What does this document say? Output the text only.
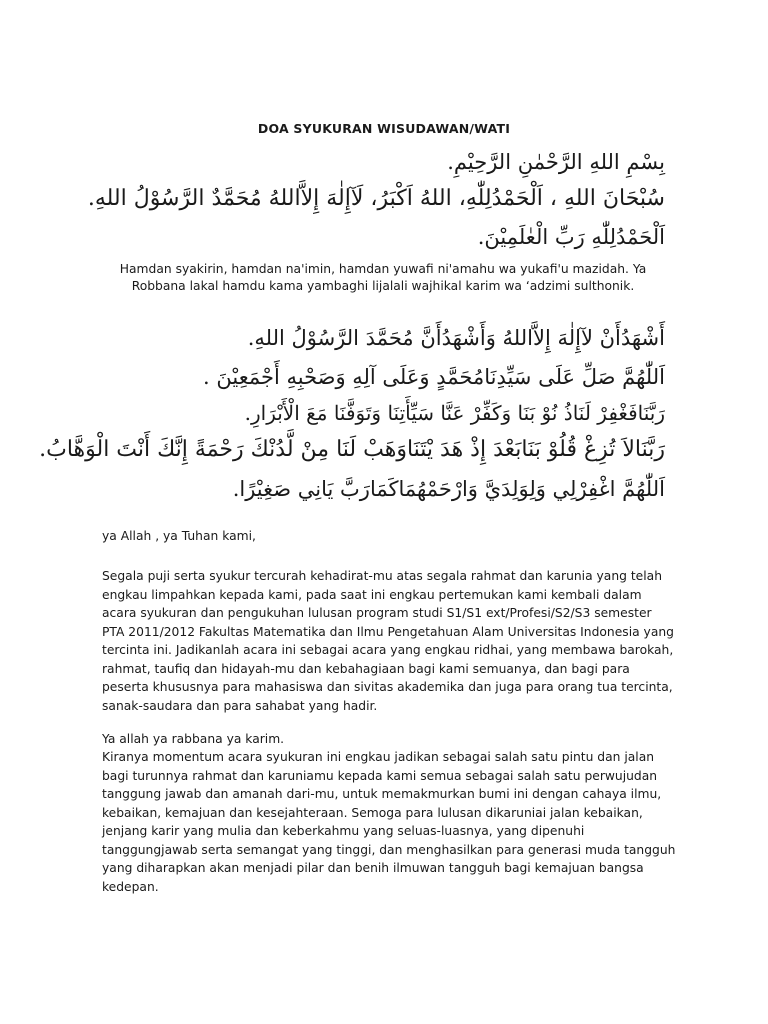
DOA SYUKURAN WISUDAWAN/WATI
بِسْمِ اللهِ الرَّحْمٰنِ الرَّحِيْمِ.
سُبْحَانَ اللهِ ، اَلْحَمْدُلِلّٰهِ، اللهُ اَكْبَرُ، لَآإِلٰهَ إِلاَّاللهُ مُحَمَّدٌ الرَّسُوْلُ اللهِ.
اَلْحَمْدُلِلّٰهِ رَبِّ الْعٰلَمِيْنَ.
Hamdan syakirin, hamdan na'imin, hamdan yuwafi ni'amahu wa yukafi'u mazidah. Ya Robbana lakal hamdu kama yambaghi lijalali wajhikal karim wa ‘adzimi sulthonik.
أَشْهَدُأَنْ لآإِلٰهَ إِلاَّاللهُ وَأَشْهَدُأَنَّ مُحَمَّدَ الرَّسُوْلُ اللهِ.
اَللّٰهُمَّ صَلِّ عَلَى سَيِّدِنَامُحَمَّدٍ وَعَلَى آلِهِ وَصَحْبِهِ أَجْمَعِيْنَ .
رَبَّنَافَغْفِرْ لَنَاذُ نُوْ بَنَا وَكَفِّرْ عَنَّا سَيِّأَتِنَا وَتَوَفَّنَا مَعَ الْأَبْرَارِ.
رَبَّنَالاَ تُزِغْ قُلُوْ بَنَابَعْدَ إِذْ هَدَ يْتَنَاوَهَبْ لَنَا مِنْ لَّدُنْكَ رَحْمَةً إِنَّكَ أَنْتَ الْوَهَّابُ.
اَللّٰهُمَّ اغْفِرْلِي وَلِوَلِدَيَّ وَارْحَمْهُمَاكَمَارَبَّ يَانِي صَغِيْرًا.
ya Allah , ya Tuhan kami,
Segala puji serta syukur tercurah kehadirat-mu atas segala rahmat dan karunia yang telah engkau limpahkan kepada kami, pada saat ini engkau pertemukan kami kembali dalam acara syukuran dan pengukuhan lulusan program studi S1/S1 ext/Profesi/S2/S3 semester PTA 2011/2012 Fakultas Matematika dan Ilmu Pengetahuan Alam Universitas Indonesia yang tercinta ini. Jadikanlah acara ini sebagai acara yang engkau ridhai, yang membawa barokah, rahmat, taufiq dan hidayah-mu dan kebahagiaan bagi kami semuanya, dan bagi para peserta khususnya para mahasiswa dan sivitas akademika dan juga para orang tua tercinta, sanak-saudara dan para sahabat yang hadir.
Ya allah ya rabbana ya karim.
Kiranya momentum acara syukuran ini engkau jadikan sebagai salah satu pintu dan jalan bagi turunnya rahmat dan karuniamu kepada kami semua sebagai salah satu perwujudan tanggung jawab dan amanah dari-mu, untuk memakmurkan bumi ini dengan cahaya ilmu, kebaikan, kemajuan dan kesejahteraan. Semoga para lulusan dikaruniai jalan kebaikan, jenjang karir yang mulia dan keberkahmu yang seluas-luasnya, yang dipenuhi tanggungjawab serta semangat yang tinggi, dan menghasilkan para generasi muda tangguh yang diharapkan akan menjadi pilar dan benih ilmuwan tangguh bagi kemajuan bangsa kedepan.
